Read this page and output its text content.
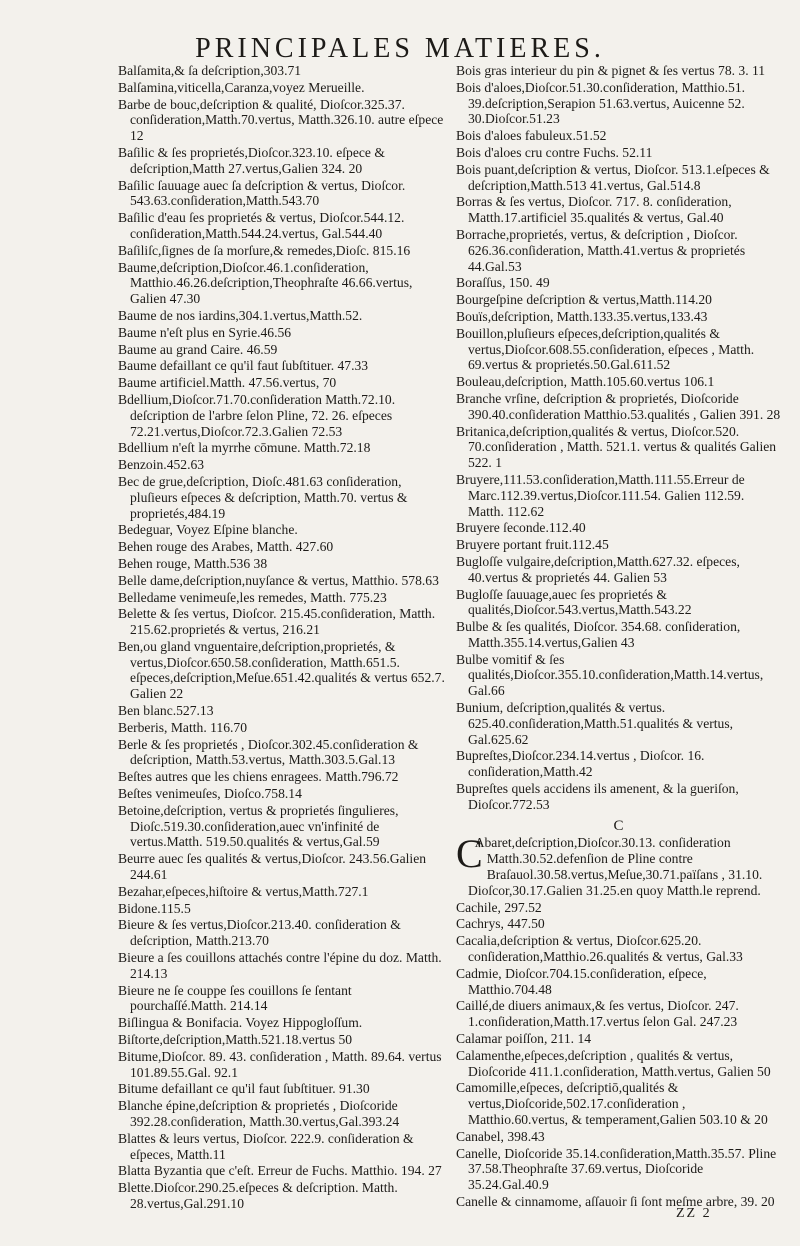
PRINCIPALES MATIERES.
Balſamita,& ſa deſcription,303.71
Balſamina,viticella,Caranza,voyez Merueille.
Barbe de bouc,deſcription & qualité, Dioſcor.325.37. conſideration,Matth.70.vertus, Matth.326.10. autre eſpece 12
Baſilic & ſes proprietés,Dioſcor.323.10. eſpece & deſcription,Matth 27.vertus,Galien 324. 20
Baſilic ſauuage auec ſa deſcription & vertus, Dioſcor. 543.63.conſideration,Matth.543.70
Baſilic d'eau ſes proprietés & vertus, Dioſcor.544.12. conſideration,Matth.544.24.vertus, Gal.544.40
Baſiliſc,ſignes de ſa morſure,& remedes,Dioſc. 815.16
Baume,deſcription,Dioſcor.46.1.conſideration, Matthio.46.26.deſcription,Theophraſte 46.66.vertus, Galien 47.30
Baume de nos iardins,304.1.vertus,Matth.52.
Baume n'eſt plus en Syrie.46.56
Baume au grand Caire. 46.59
Baume defaillant ce qu'il faut ſubſtituer. 47.33
Baume artificiel.Matth. 47.56.vertus, 70
Bdellium,Dioſcor.71.70.conſideration Matth.72.10. deſcription de l'arbre ſelon Pline, 72. 26. eſpeces 72.21.vertus,Dioſcor.72.3.Galien 72.53
Bdellium n'eſt la myrrhe cōmune. Matth.72.18
Benzoin.452.63
Bec de grue,deſcription, Dioſc.481.63 conſideration, pluſieurs eſpeces & deſcription, Matth.70. vertus & proprietés,484.19
Bedeguar, Voyez Eſpine blanche.
Behen rouge des Arabes, Matth. 427.60
Behen rouge, Matth.536 38
Belle dame,deſcription,nuyſance & vertus, Matthio. 578.63
Belledame venimeuſe,les remedes, Matth. 775.23
Belette & ſes vertus, Dioſcor. 215.45.conſideration, Matth. 215.62.proprietés & vertus, 216.21
Ben,ou gland vnguentaire,deſcription,proprietés, & vertus,Dioſcor.650.58.conſideration, Matth.651.5. eſpeces,deſcription,Meſue.651.42.qualités & vertus 652.7. Galien 22
Ben blanc.527.13
Berberis, Matth. 116.70
Berle & ſes proprietés , Dioſcor.302.45.conſideration & deſcription, Matth.53.vertus, Matth.303.5.Gal.13
Beſtes autres que les chiens enragees. Matth.796.72
Beſtes venimeuſes, Dioſco.758.14
Betoine,deſcription, vertus & proprietés ſingulieres, Dioſc.519.30.conſideration,auec vn'infinité de vertus.Matth. 519.50.qualités & vertus,Gal.59
Beurre auec ſes qualités & vertus,Dioſcor. 243.56.Galien 244.61
Bezahar,eſpeces,hiſtoire & vertus,Matth.727.1
Bidone.115.5
Bieure & ſes vertus,Dioſcor.213.40. conſideration & deſcription, Matth.213.70
Bieure a ſes couillons attachés contre l'épine du doz. Matth. 214.13
Bieure ne ſe couppe ſes couillons ſe ſentant pourchaſſé.Matth. 214.14
Biſlingua & Bonifacia. Voyez Hippogloſſum.
Biſtorte,deſcription,Matth.521.18.vertus 50
Bitume,Dioſcor. 89. 43. conſideration , Matth. 89.64. vertus 101.89.55.Gal. 92.1
Bitume defaillant ce qu'il faut ſubſtituer. 91.30
Blanche épine,deſcription & proprietés , Dioſcoride 392.28.conſideration, Matth.30.vertus,Gal.393.24
Blattes & leurs vertus, Dioſcor. 222.9. conſideration & eſpeces, Matth.11
Blatta Byzantia que c'eſt. Erreur de Fuchs. Matthio. 194. 27
Blette.Dioſcor.290.25.eſpeces & deſcription. Matth. 28.vertus,Gal.291.10
Bois gras interieur du pin & pignet & ſes vertus 78. 3. 11
Bois d'aloes,Dioſcor.51.30.conſideration, Matthio.51. 39.deſcription,Serapion 51.63.vertus, Auicenne 52. 30.Dioſcor.51.23
Bois d'aloes fabuleux.51.52
Bois d'aloes cru contre Fuchs. 52.11
Bois puant,deſcription & vertus, Dioſcor. 513.1.eſpeces & deſcription,Matth.513 41.vertus, Gal.514.8
Borras & ſes vertus, Dioſcor. 717. 8. conſideration, Matth.17.artificiel 35.qualités & vertus, Gal.40
Borrache,proprietés, vertus, & deſcription , Dioſcor. 626.36.conſideration, Matth.41.vertus & proprietés 44.Gal.53
Boraſſus, 150. 49
Bourgeſpine deſcription & vertus,Matth.114.20
Bouïs,deſcription, Matth.133.35.vertus,133.43
Bouillon,pluſieurs eſpeces,deſcription,qualités & vertus,Dioſcor.608.55.conſideration, eſpeces , Matth. 69.vertus & proprietés.50.Gal.611.52
Bouleau,deſcription, Matth.105.60.vertus 106.1
Branche vrſine, deſcription & proprietés, Dioſcoride 390.40.conſideration Matthio.53.qualités , Galien 391. 28
Britanica,deſcription,qualités & vertus, Dioſcor.520. 70.conſideration , Matth. 521.1. vertus & qualités Galien 522. 1
Bruyere,111.53.conſideration,Matth.111.55.Erreur de Marc.112.39.vertus,Dioſcor.111.54. Galien 112.59. Matth. 112.62
Bruyere ſeconde.112.40
Bruyere portant fruit.112.45
Bugloſſe vulgaire,deſcription,Matth.627.32. eſpeces, 40.vertus & proprietés 44. Galien 53
Bugloſſe ſauuage,auec ſes proprietés & qualités,Dioſcor.543.vertus,Matth.543.22
Bulbe & ſes qualités, Dioſcor. 354.68. conſideration, Matth.355.14.vertus,Galien 43
Bulbe vomitif & ſes qualités,Dioſcor.355.10.conſideration,Matth.14.vertus, Gal.66
Bunium, deſcription,qualités & vertus. 625.40.conſideration,Matth.51.qualités & vertus, Gal.625.62
Bupreſtes,Dioſcor.234.14.vertus , Dioſcor. 16. conſideration,Matth.42
Bupreſtes quels accidens ils amenent, & la gueriſon, Dioſcor.772.53
C
C
Abaret,deſcription,Dioſcor.30.13. conſideration Matth.30.52.defenſion de Pline contre Braſauol.30.58.vertus,Meſue,30.71.païſans , 31.10. Dioſcor,30.17.Galien 31.25.en quoy Matth.le reprend.
Cachile, 297.52
Cachrys, 447.50
Cacalia,deſcription & vertus, Dioſcor.625.20. conſideration,Matthio.26.qualités & vertus, Gal.33
Cadmie, Dioſcor.704.15.conſideration, eſpece, Matthio.704.48
Caillé,de diuers animaux,& ſes vertus, Dioſcor. 247. 1.conſideration,Matth.17.vertus ſelon Gal. 247.23
Calamar poiſſon, 211. 14
Calamenthe,eſpeces,deſcription , qualités & vertus, Dioſcoride 411.1.conſideration, Matth.vertus, Galien 50
Camomille,eſpeces, deſcriptiō,qualités & vertus,Dioſcoride,502.17.conſideration , Matthio.60.vertus, & temperament,Galien 503.10 & 20
Canabel, 398.43
Canelle, Dioſcoride 35.14.conſideration,Matth.35.57. Pline 37.58.Theophraſte 37.69.vertus, Dioſcoride 35.24.Gal.40.9
Canelle & cinnamome, aſſauoir ſi ſont meſme arbre, 39. 20
ZZ 2
